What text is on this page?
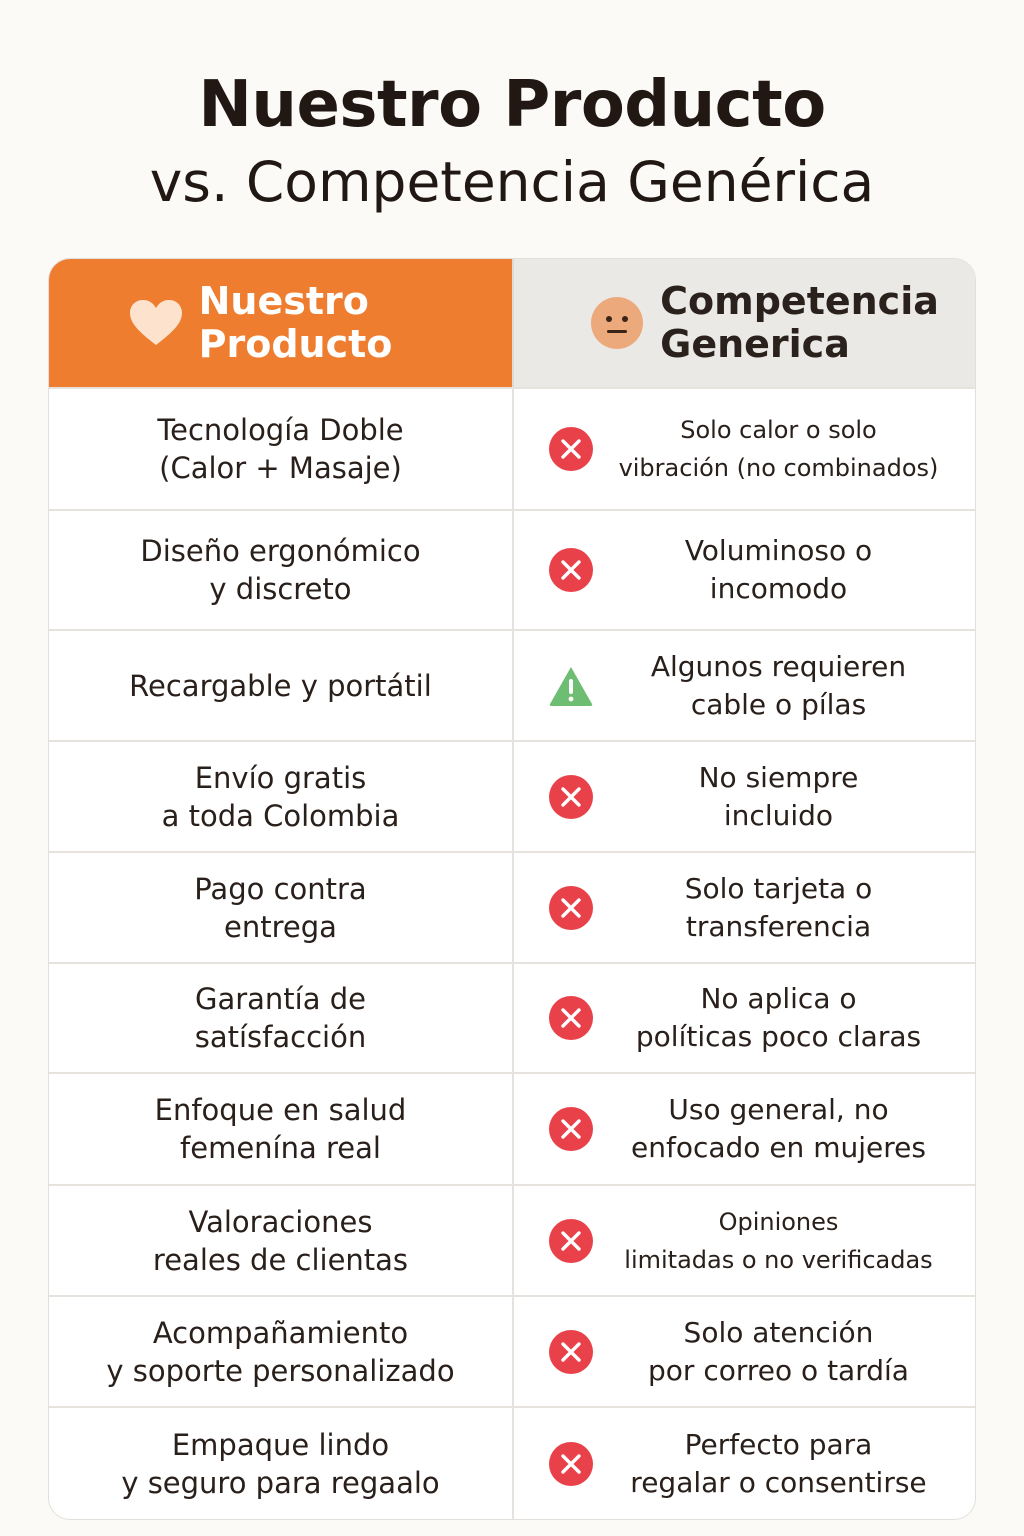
Nuestro Producto
vs. Competencia Genérica
Nuestro
Producto
Competencia
Generica
Tecnología Doble
(Calor + Masaje)
Solo calor o solo
vibración (no combinados)
Diseño ergonómico
y discreto
Voluminoso o
incomodo
Recargable y portátil
Algunos requieren
cable o pílas
Envío gratis
a toda Colombia
No siempre
incluido
Pago contra
entrega
Solo tarjeta o
transferencia
Garantía de
satísfacción
No aplica o
políticas poco claras
Enfoque en salud
femenína real
Uso general, no
enfocado en mujeres
Valoraciones
reales de clientas
Opiniones
limitadas o no verificadas
Acompañamiento
y soporte personalizado
Solo atención
por correo o tardía
Empaque lindo
y seguro para regaalo
Perfecto para
regalar o consentirse
